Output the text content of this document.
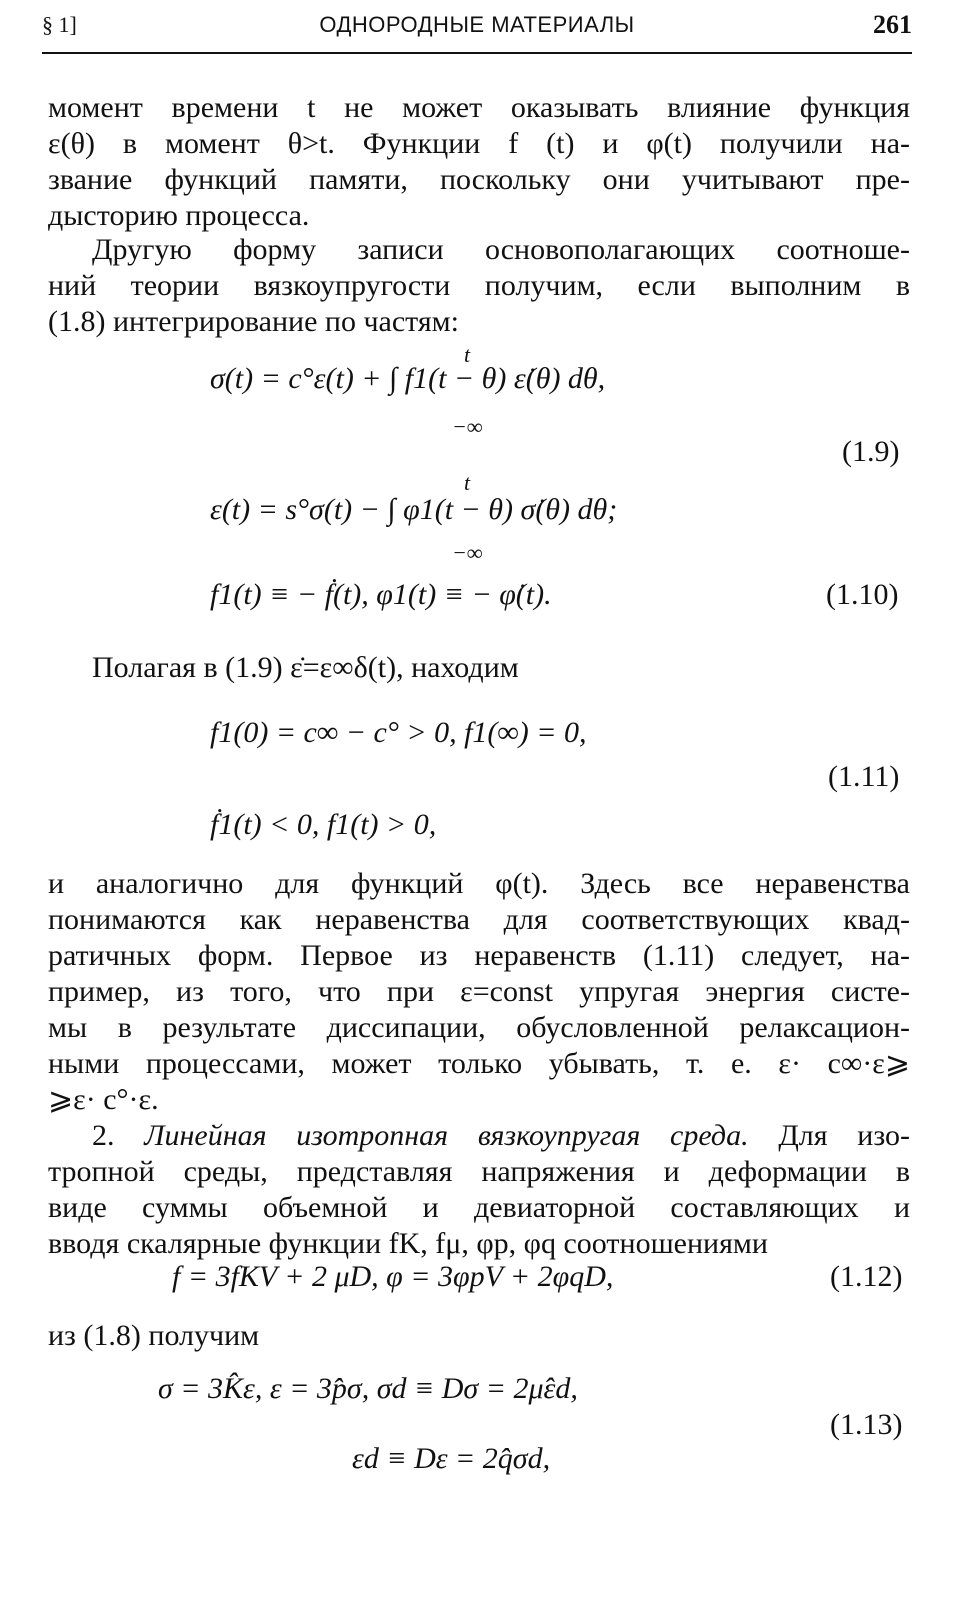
§ 1]	ОДНОРОДНЫЕ МАТЕРИАЛЫ	261
момент времени t не может оказывать влияние функция
ε(θ) в момент θ>t. Функции f (t) и φ(t) получили на-
звание функций памяти, поскольку они учитывают пре-
дысторию процесса.
Другую форму записи основополагающих соотноше-
ний теории вязкоупругости получим, если выполним в
(1.8) интегрирование по частям:
σ(t) = c°ε(t) + ∫ f1(t − θ) ε̇(θ) dθ,
t
−∞
(1.9)
ε(t) = s°σ(t) − ∫ φ1(t − θ) σ̇(θ) dθ;
t
−∞
f1(t) ≡ − ḟ(t), φ1(t) ≡ − φ̇(t).	(1.10)
Полагая в (1.9) ε̇=ε∞δ(t), находим
f1(0) = c∞ − c° > 0, f1(∞) = 0,
(1.11)
ḟ1(t) < 0, f1(t) > 0,
и аналогично для функций φ(t). Здесь все неравенства
понимаются как неравенства для соответствующих квад-
ратичных форм. Первое из неравенств (1.11) следует, на-
пример, из того, что при ε=const упругая энергия систе-
мы в результате диссипации, обусловленной релаксацион-
ными процессами, может только убывать, т. е. ε· c∞·ε⩾
⩾ε· c°·ε.
2. Линейная изотропная вязкоупругая среда. Для изо-
тропной среды, представляя напряжения и деформации в
виде суммы объемной и девиаторной составляющих и
вводя скалярные функции fK, fμ, φp, φq соотношениями
f = 3fKV + 2 μD, φ = 3φpV + 2φqD,	(1.12)
из (1.8) получим
σ = 3K̂ε, ε = 3p̂σ, σd ≡ Dσ = 2μ̂εd,
(1.13)
εd ≡ Dε = 2q̂σd,
